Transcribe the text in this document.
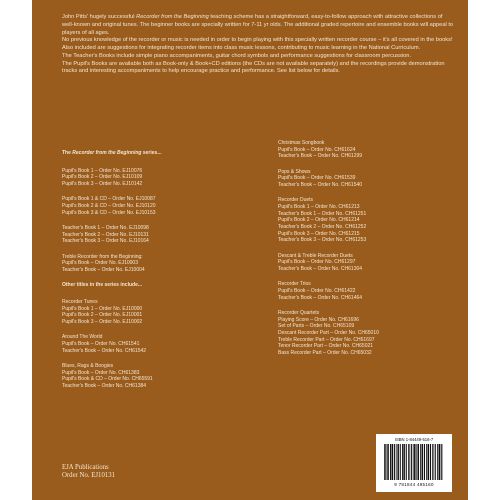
John Pitts' hugely successful Recorder from the Beginning teaching scheme has a straightforward, easy-to-follow approach with attractive collections of well-known and original tunes. The beginner books are specially written for 7-11 yr olds. The additional graded repertoire and ensemble books will appeal to players of all ages.

No previous knowledge of the recorder or music is needed in order to begin playing with this specially written recorder course – it's all covered in the books! Also included are suggestions for integrating recorder items into class music lessons, contributing to music learning in the National Curriculum.

The Teacher's Books include simple piano accompaniments, guitar chord symbols and performance suggestions for classroom percussion.

The Pupil's Books are available both as Book-only & Book+CD editions (the CDs are not available separately) and the recordings provide demonstration tracks and interesting accompaniments to help encourage practice and performance. See list below for details.

The Recorder from the Beginning series...
Pupil's Book 1 – Order No. EJ10076
Pupil's Book 2 – Order No. EJ10109
Pupil's Book 3 – Order No. EJ10142
Pupil's Book 1 & CD – Order No. EJ10087
Pupil's Book 2 & CD – Order No. EJ10120
Pupil's Book 3 & CD – Order No. EJ10153
Teacher's Book 1 – Order No. EJ10098
Teacher's Book 2 – Order No. EJ10131
Teacher's Book 3 – Order No. EJ10164
Treble Recorder from the Beginning:
Pupil's Book – Order No. EJ10003
Teacher's Book – Order No. EJ10004
Other titles in the series include...
Recorder Tunes
Pupil's Book 1 – Order No. EJ10000
Pupil's Book 2 – Order No. EJ10001
Pupil's Book 3 – Order No. EJ10002
Around The World
Pupil's Book – Order No. CH61541
Teacher's Book – Order No. CH61542
Blues, Rags & Boogies
Pupil's Book – Order No. CH61383
Pupil's Book & CD – Order No. CH65591
Teacher's Book – Order No. CH61384
Christmas Songbook
Pupil's Book – Order No. CH61624
Teacher's Book – Order No. CH61299
Pops & Shows
Pupil's Book – Order No. CH61539
Teacher's Book – Order No. CH61540
Recorder Duets
Pupil's Book 1 – Order No. CH61213
Teacher's Book 1 – Order No. CH61251
Pupil's Book 2 – Order No. CH61214
Teacher's Book 2 – Order No. CH61252
Pupil's Book 3 – Order No. CH61215
Teacher's Book 3 – Order No. CH61253
Descant & Treble Recorder Duets
Pupil's Book – Order No. CH61297
Teacher's Book – Order No. CH61304
Recorder Trios
Pupil's Book – Order No. CH61422
Teacher's Book – Order No. CH61464
Recorder Quartets
Playing Score – Order No. CH61696
Set of Parts – Order No. CH65109
Descant Recorder Part – Order No. CH65010
Treble Recorder Part – Order No. CH61697
Tenor Recorder Part – Order No. CH65021
Bass Recorder Part – Order No. CH65032
EJA Publications
Order No. EJ10131
ISBN 1-84449-516-7
9 781844 495160
